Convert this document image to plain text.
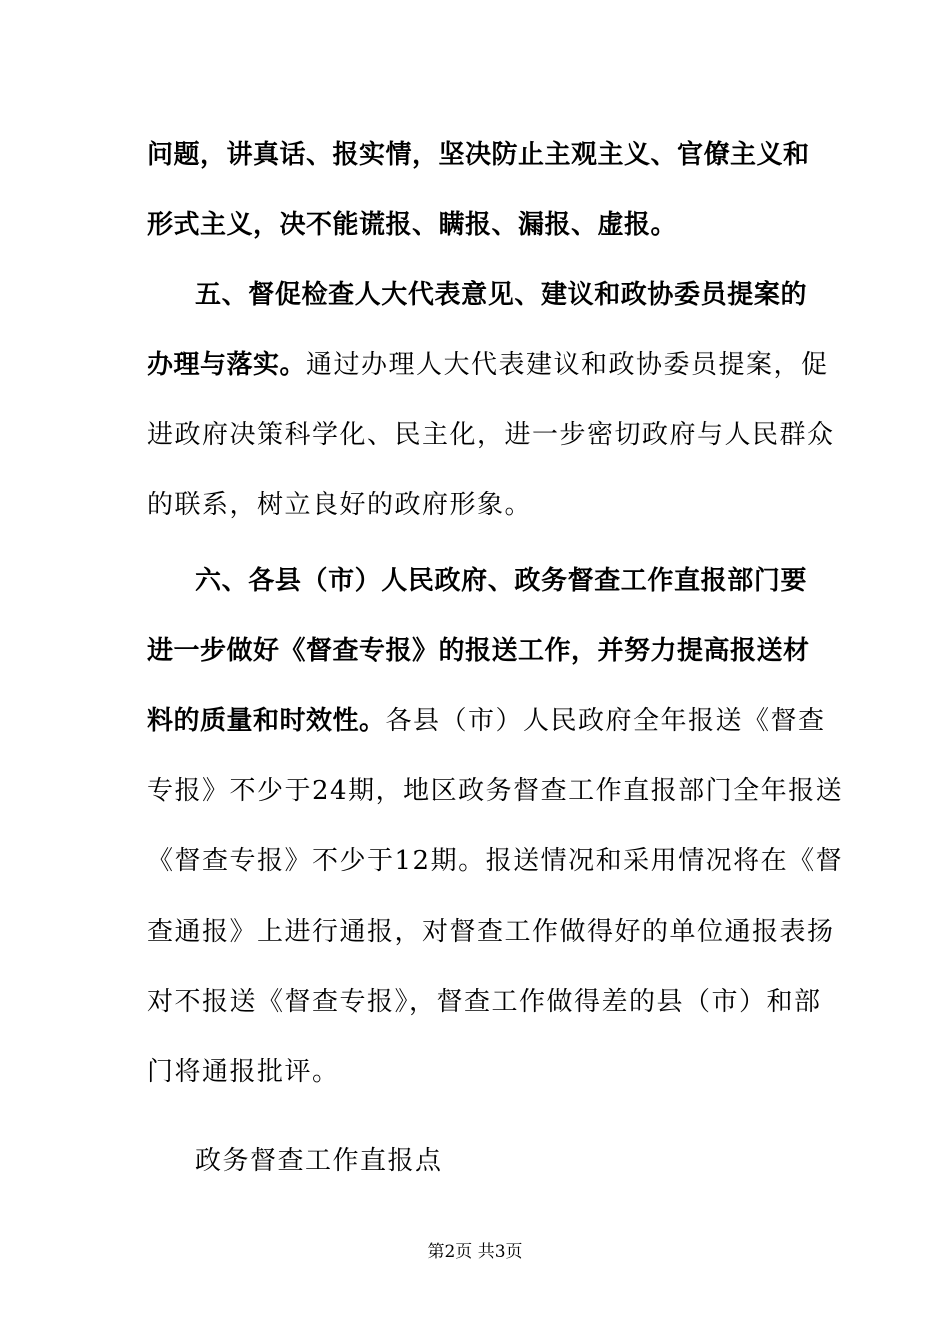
问题，讲真话、报实情，坚决防止主观主义、官僚主义和
形式主义，决不能谎报、瞒报、漏报、虚报。
五、督促检查人大代表意见、建议和政协委员提案的
办理与落实。通过办理人大代表建议和政协委员提案，促
进政府决策科学化、民主化，进一步密切政府与人民群众
的联系，树立良好的政府形象。
六、各县（市）人民政府、政务督查工作直报部门要
进一步做好《督查专报》的报送工作，并努力提高报送材
料的质量和时效性。各县（市）人民政府全年报送《督查
专报》不少于24期，地区政务督查工作直报部门全年报送
《督查专报》不少于12期。报送情况和采用情况将在《督
查通报》上进行通报，对督查工作做得好的单位通报表扬
对不报送《督查专报》，督查工作做得差的县（市）和部
门将通报批评。
政务督查工作直报点
第2页 共3页
